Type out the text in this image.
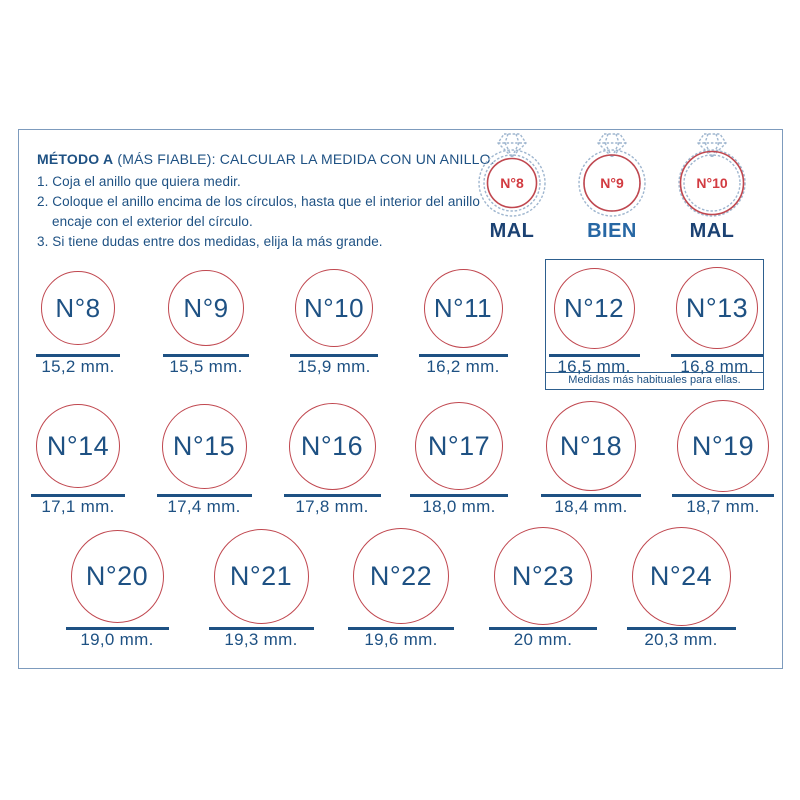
MÉTODO A (MÁS FIABLE): CALCULAR LA MEDIDA CON UN ANILLO.
1. Coja el anillo que quiera medir.
2. Coloque el anillo encima de los círculos, hasta que el interior del anillo
encaje con el exterior del círculo.
3. Si tiene dudas entre dos medidas, elija la más grande.
N°8
MAL
N°9
BIEN
N°10
MAL
Medidas más habituales para ellas.
N°8
15,2 mm.
N°9
15,5 mm.
N°10
15,9 mm.
N°11
16,2 mm.
N°12
16,5 mm.
N°13
16,8 mm.
N°14
17,1 mm.
N°15
17,4 mm.
N°16
17,8 mm.
N°17
18,0 mm.
N°18
18,4 mm.
N°19
18,7 mm.
N°20
19,0 mm.
N°21
19,3 mm.
N°22
19,6 mm.
N°23
20 mm.
N°24
20,3 mm.
